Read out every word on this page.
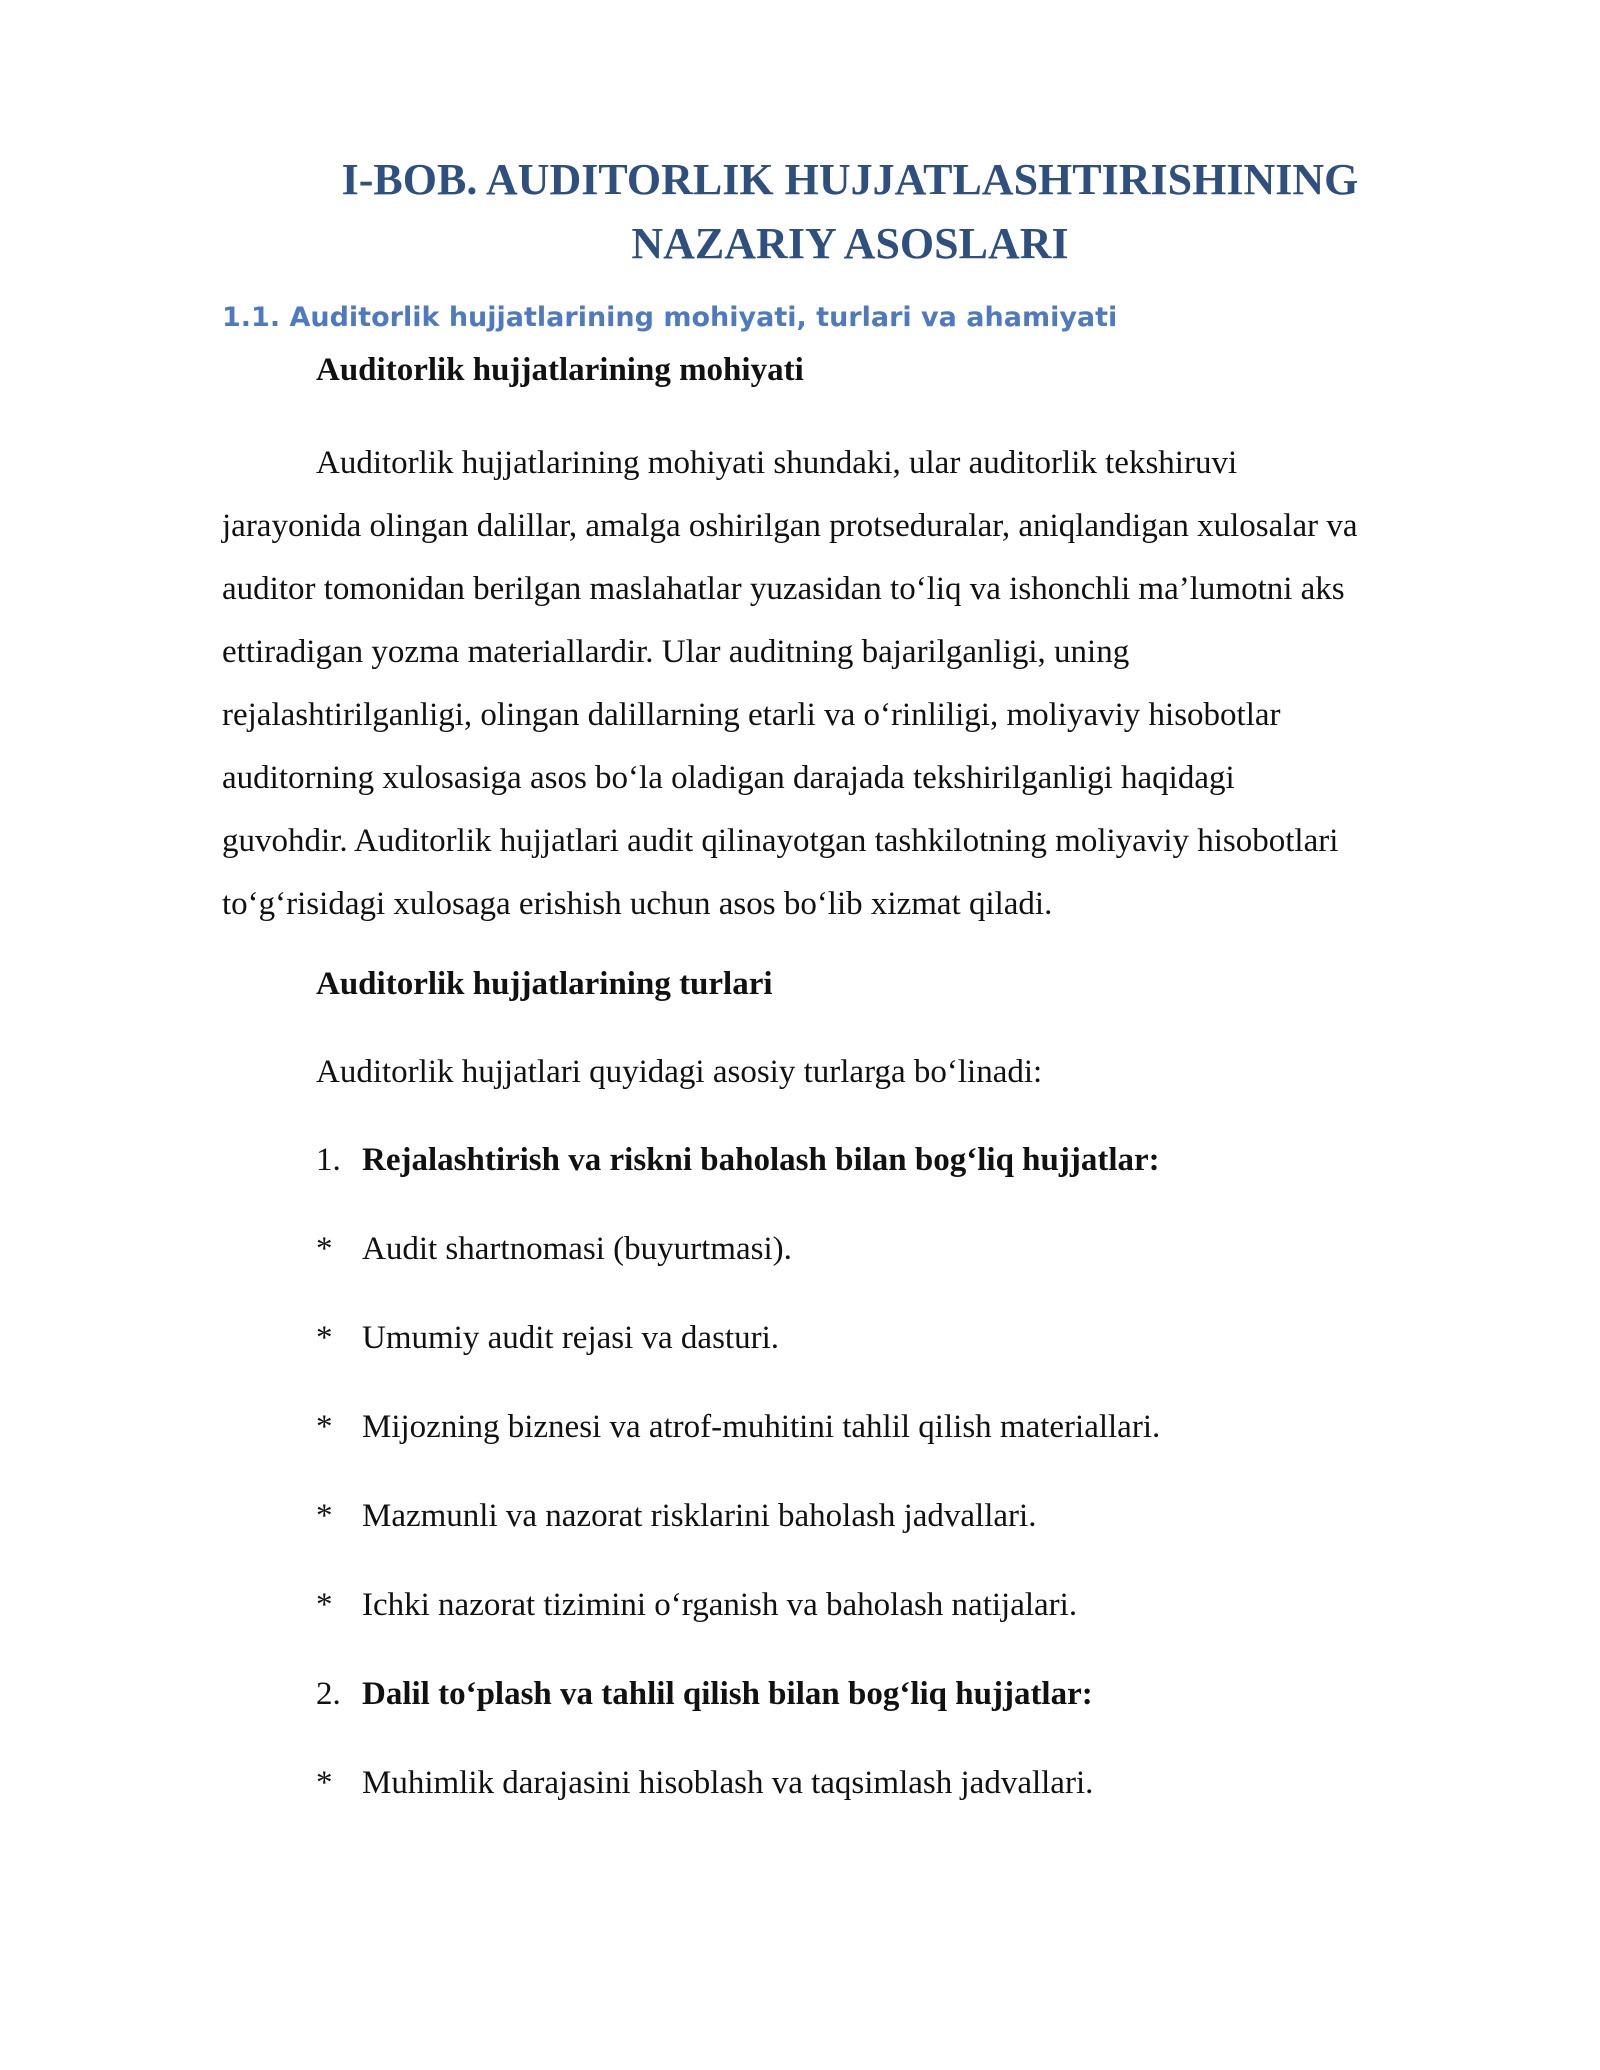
I-BOB. AUDITORLIK HUJJATLASHTIRISHINING
NAZARIY ASOSLARI
1.1. Auditorlik hujjatlarining mohiyati, turlari va ahamiyati
Auditorlik hujjatlarining mohiyati

Auditorlik hujjatlarining mohiyati shundaki, ular auditorlik tekshiruvi
jarayonida olingan dalillar, amalga oshirilgan protseduralar, aniqlandigan xulosalar va
auditor tomonidan berilgan maslahatlar yuzasidan to‘liq va ishonchli ma’lumotni aks
ettiradigan yozma materiallardir. Ular auditning bajarilganligi, uning
rejalashtirilganligi, olingan dalillarning etarli va o‘rinliligi, moliyaviy hisobotlar
auditorning xulosasiga asos bo‘la oladigan darajada tekshirilganligi haqidagi
guvohdir. Auditorlik hujjatlari audit qilinayotgan tashkilotning moliyaviy hisobotlari
to‘g‘risidagi xulosaga erishish uchun asos bo‘lib xizmat qiladi.

Auditorlik hujjatlarining turlari

Auditorlik hujjatlari quyidagi asosiy turlarga bo‘linadi:

1. Rejalashtirish va riskni baholash bilan bog‘liq hujjatlar:
* Audit shartnomasi (buyurtmasi).
* Umumiy audit rejasi va dasturi.
* Mijozning biznesi va atrof-muhitini tahlil qilish materiallari.
* Mazmunli va nazorat risklarini baholash jadvallari.
* Ichki nazorat tizimini o‘rganish va baholash natijalari.
2. Dalil to‘plash va tahlil qilish bilan bog‘liq hujjatlar:
* Muhimlik darajasini hisoblash va taqsimlash jadvallari.
